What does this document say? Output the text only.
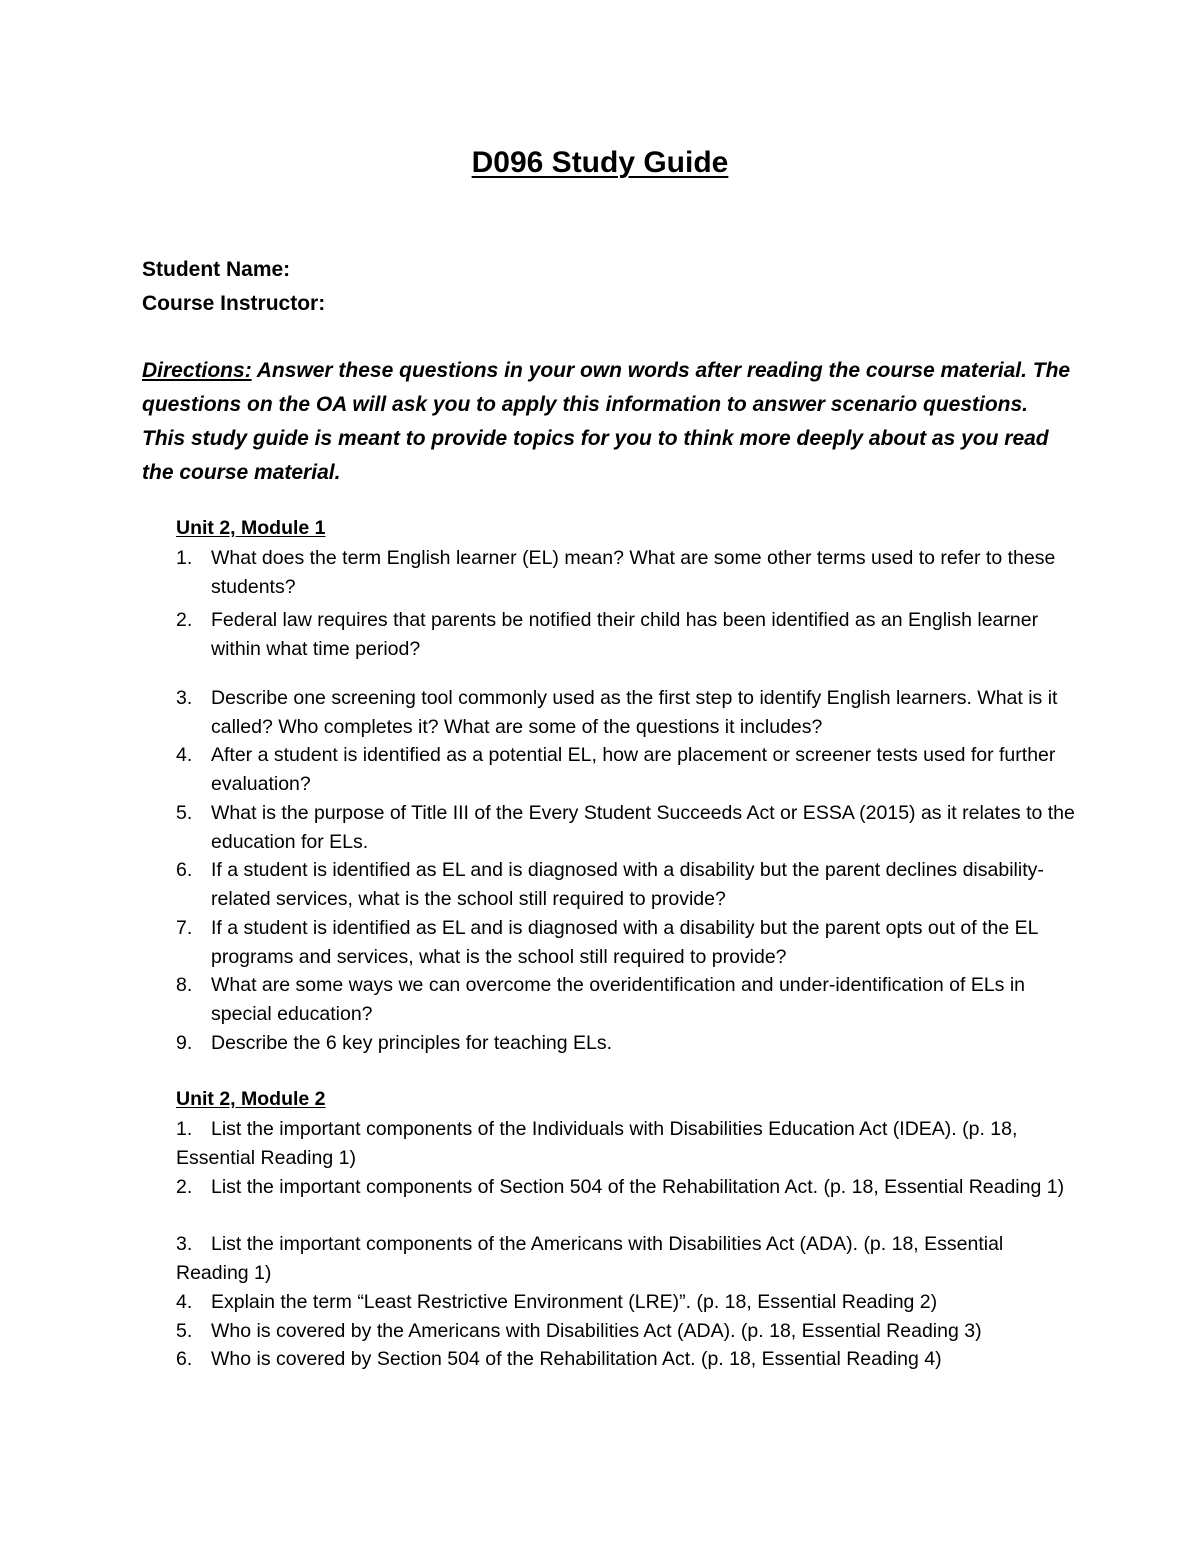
D096 Study Guide
Student Name:
Course Instructor:
Directions: Answer these questions in your own words after reading the course material. The questions on the OA will ask you to apply this information to answer scenario questions. This study guide is meant to provide topics for you to think more deeply about as you read the course material.
Unit 2, Module 1
1. What does the term English learner (EL) mean? What are some other terms used to refer to these students?
2. Federal law requires that parents be notified their child has been identified as an English learner within what time period?
3. Describe one screening tool commonly used as the first step to identify English learners. What is it called? Who completes it? What are some of the questions it includes?
4. After a student is identified as a potential EL, how are placement or screener tests used for further evaluation?
5. What is the purpose of Title III of the Every Student Succeeds Act or ESSA (2015) as it relates to the education for ELs.
6. If a student is identified as EL and is diagnosed with a disability but the parent declines disability-related services, what is the school still required to provide?
7. If a student is identified as EL and is diagnosed with a disability but the parent opts out of the EL programs and services, what is the school still required to provide?
8. What are some ways we can overcome the overidentification and under-identification of ELs in special education?
9. Describe the 6 key principles for teaching ELs.
Unit 2, Module 2
1. List the important components of the Individuals with Disabilities Education Act (IDEA). (p. 18, Essential Reading 1)
2. List the important components of Section 504 of the Rehabilitation Act. (p. 18, Essential Reading 1)
3. List the important components of the Americans with Disabilities Act (ADA). (p. 18, Essential Reading 1)
4. Explain the term “Least Restrictive Environment (LRE)”. (p. 18, Essential Reading 2)
5. Who is covered by the Americans with Disabilities Act (ADA). (p. 18, Essential Reading 3)
6. Who is covered by Section 504 of the Rehabilitation Act. (p. 18, Essential Reading 4)
